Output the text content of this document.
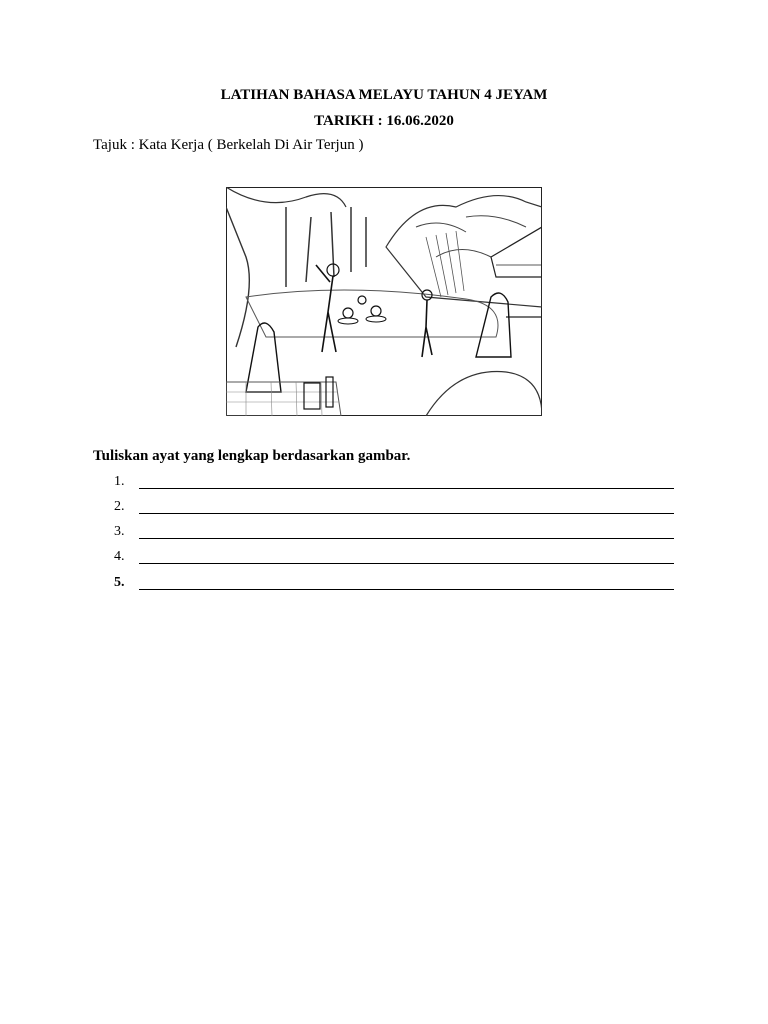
LATIHAN BAHASA MELAYU TAHUN 4 JEYAM
TARIKH : 16.06.2020
Tajuk : Kata Kerja ( Berkelah Di Air Terjun )
Tuliskan ayat yang lengkap berdasarkan gambar.
1.
2.
3.
4.
5.
